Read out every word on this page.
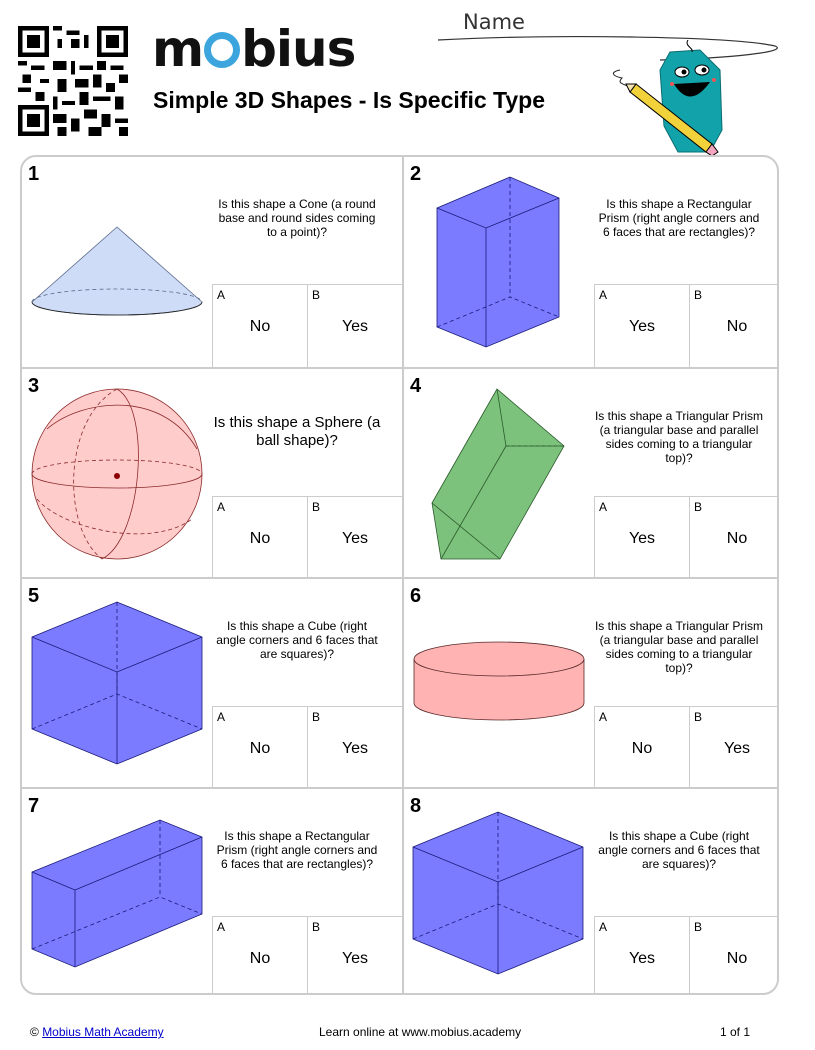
m bius
Simple 3D Shapes - Is Specific Type
Name
1
Is this shape a Cone (a round base and round sides coming to a point)?
A
No
B
Yes
2
Is this shape a Rectangular Prism (right angle corners and 6 faces that are rectangles)?
A
Yes
B
No
3
Is this shape a Sphere (a ball shape)?
A
No
B
Yes
4
Is this shape a Triangular Prism (a triangular base and parallel sides coming to a triangular top)?
A
Yes
B
No
5
Is this shape a Cube (right angle corners and 6 faces that are squares)?
A
No
B
Yes
6
Is this shape a Triangular Prism (a triangular base and parallel sides coming to a triangular top)?
A
No
B
Yes
7
Is this shape a Rectangular Prism (right angle corners and 6 faces that are rectangles)?
A
No
B
Yes
8
Is this shape a Cube (right angle corners and 6 faces that are squares)?
A
Yes
B
No
© Mobius Math Academy	Learn online at www.mobius.academy	1 of 1
